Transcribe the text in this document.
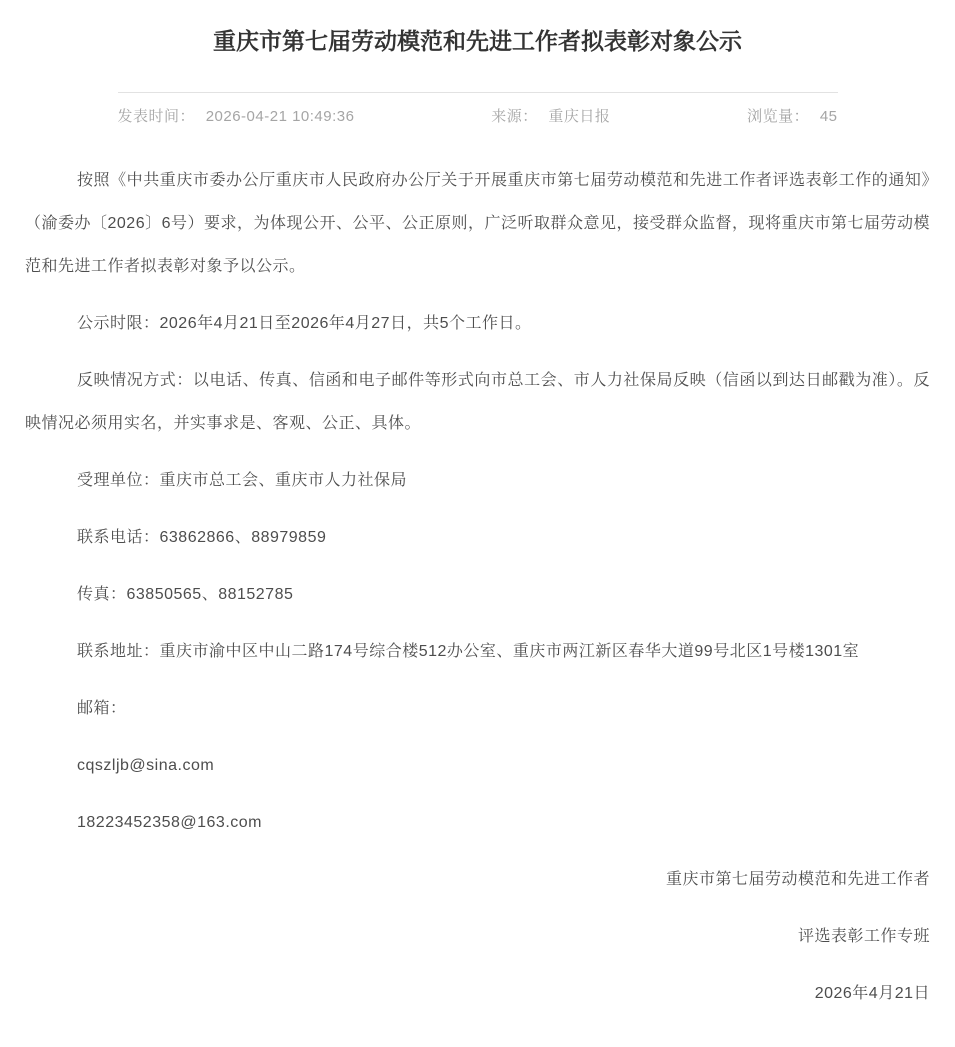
重庆市第七届劳动模范和先进工作者拟表彰对象公示
发表时间： 2026-04-21 10:49:36	来源： 重庆日报	浏览量： 45

按照《中共重庆市委办公厅重庆市人民政府办公厅关于开展重庆市第七届劳动模范和先进工作者评选表彰工作的通知》（渝委办〔2026〕6号）要求，为体现公开、公平、公正原则，广泛听取群众意见，接受群众监督，现将重庆市第七届劳动模范和先进工作者拟表彰对象予以公示。

公示时限：2026年4月21日至2026年4月27日，共5个工作日。

反映情况方式：以电话、传真、信函和电子邮件等形式向市总工会、市人力社保局反映（信函以到达日邮戳为准）。反映情况必须用实名，并实事求是、客观、公正、具体。

受理单位：重庆市总工会、重庆市人力社保局

联系电话：63862866、88979859

传真：63850565、88152785

联系地址：重庆市渝中区中山二路174号综合楼512办公室、重庆市两江新区春华大道99号北区1号楼1301室

邮箱：

cqszljb@sina.com

18223452358@163.com

重庆市第七届劳动模范和先进工作者

评选表彰工作专班

2026年4月21日
